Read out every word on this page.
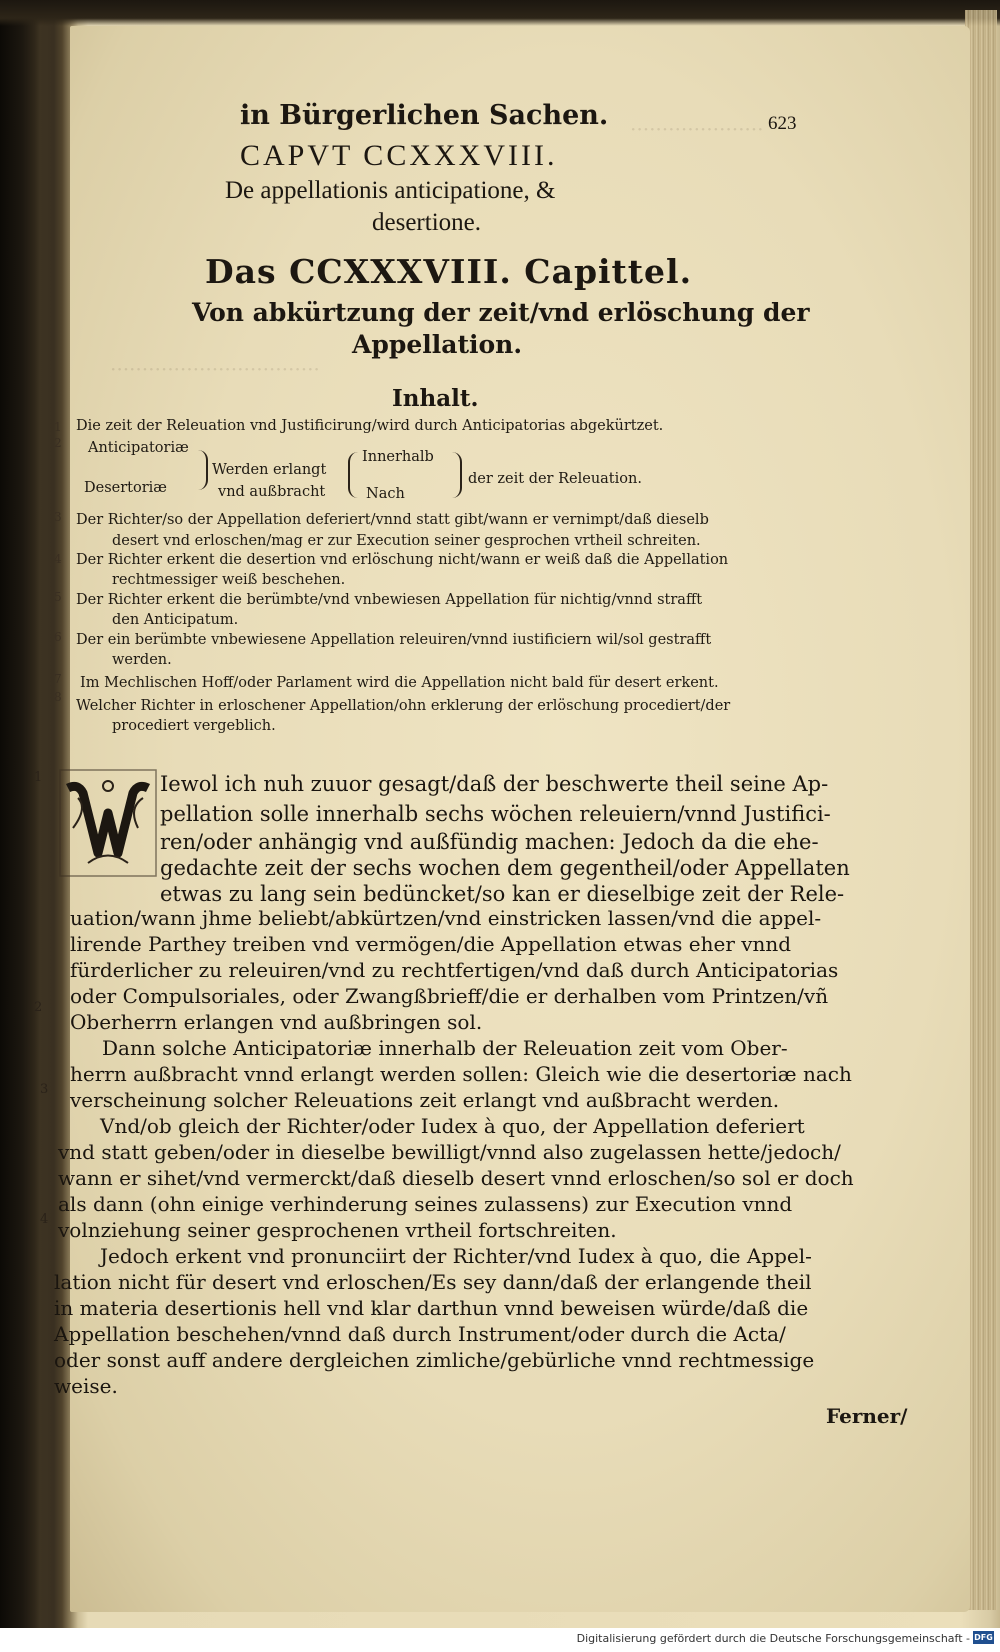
·····················
·································
in Bürgerlichen Sachen.	623
CAPVT CCXXXVIII.
De appellationis anticipatione, &
desertione.
Das CCXXXVIII. Capittel.
Von abkürtzung der zeit/vnd erlöschung der
Appellation.
Inhalt.
1 Die zeit der Releuation vnd Justificirung/wird durch Anticipatorias abgekürtzet.
2 Anticipatoriæ
Desertoriæ
Werden erlangt
vnd außbracht
Innerhalb
Nach
der zeit der Releuation.
3 Der Richter/so der Appellation deferiert/vnnd statt gibt/wann er vernimpt/daß dieselb
desert vnd erloschen/mag er zur Execution seiner gesprochen vrtheil schreiten.
4 Der Richter erkent die desertion vnd erlöschung nicht/wann er weiß daß die Appellation
rechtmessiger weiß beschehen.
5 Der Richter erkent die berümbte/vnd vnbewiesen Appellation für nichtig/vnnd strafft
den Anticipatum.
6 Der ein berümbte vnbewiesene Appellation releuiren/vnnd iustificiern wil/sol gestrafft
werden.
7 Im Mechlischen Hoff/oder Parlament wird die Appellation nicht bald für desert erkent.
8
Welcher Richter in erloschener Appellation/ohn erklerung der erlöschung procediert/der
procediert vergeblich.
W
1
2
3
4
Iewol ich nuh zuuor gesagt/daß der beschwerte theil seine Ap-
pellation solle innerhalb sechs wöchen releuiern/vnnd Justifici-
ren/oder anhängig vnd außfündig machen: Jedoch da die ehe-
gedachte zeit der sechs wochen dem gegentheil/oder Appellaten
etwas zu lang sein bedüncket/so kan er dieselbige zeit der Rele-
uation/wann jhme beliebt/abkürtzen/vnd einstricken lassen/vnd die appel-
lirende Parthey treiben vnd vermögen/die Appellation etwas eher vnnd
fürderlicher zu releuiren/vnd zu rechtfertigen/vnd daß durch Anticipatorias
oder Compulsoriales, oder Zwangßbrieff/die er derhalben vom Printzen/vñ
Oberherrn erlangen vnd außbringen sol.
Dann solche Anticipatoriæ innerhalb der Releuation zeit vom Ober-
herrn außbracht vnnd erlangt werden sollen: Gleich wie die desertoriæ nach
verscheinung solcher Releuations zeit erlangt vnd außbracht werden.
Vnd/ob gleich der Richter/oder Iudex à quo, der Appellation deferiert
vnd statt geben/oder in dieselbe bewilligt/vnnd also zugelassen hette/jedoch/
wann er sihet/vnd vermerckt/daß dieselb desert vnnd erloschen/so sol er doch
als dann (ohn einige verhinderung seines zulassens) zur Execution vnnd
volnziehung seiner gesprochenen vrtheil fortschreiten.
Jedoch erkent vnd pronunciirt der Richter/vnd Iudex à quo, die Appel-
lation nicht für desert vnd erloschen/Es sey dann/daß der erlangende theil
in materia desertionis hell vnd klar darthun vnnd beweisen würde/daß die
Appellation beschehen/vnnd daß durch Instrument/oder durch die Acta/
oder sonst auff andere dergleichen zimliche/gebürliche vnnd rechtmessige
weise.
Ferner/
Digitalisierung gefördert durch die Deutsche Forschungsgemeinschaft - DFG
